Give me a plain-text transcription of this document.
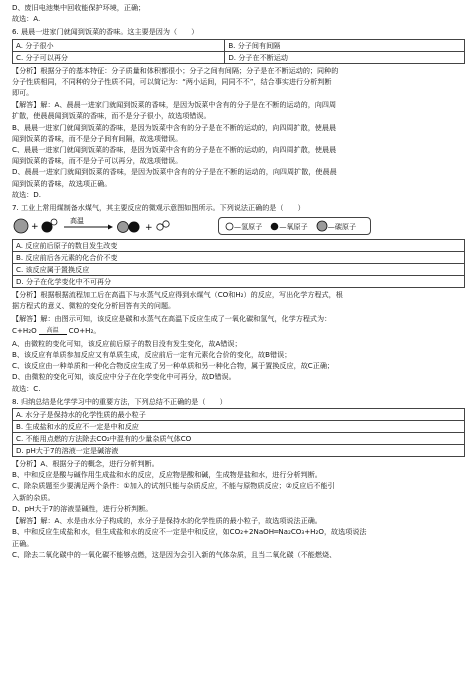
D、废旧电池集中回收能保护环境，正确；
故选：A.
6. 晨晨一进家门就闻到饭菜的香味。这主要是因为（　　）
A. 分子很小	B. 分子间有间隔
C. 分子可以再分	D. 分子在不断运动
【分析】根据分子的基本特征：分子质量和体积都很小；分子之间有间隔；分子是在不断运动的；同种的
分子性质相同，不同种的分子性质不同，可以简记为：“两小运间，同同不不”，结合事实进行分析判断
即可。
【解答】解：A、晨晨一进家门就闻到饭菜的香味，是因为饭菜中含有的分子是在不断的运动的，向四周
扩散，使晨晨闻到饭菜的香味，而不是分子很小，故选项错误。
B、晨晨一进家门就闻到饭菜的香味，是因为饭菜中含有的分子是在不断的运动的，向四周扩散，使晨晨
闻到饭菜的香味，而不是分子间有间隔，故选项错误。
C、晨晨一进家门就闻到饭菜的香味，是因为饭菜中含有的分子是在不断的运动的，向四周扩散，使晨晨
闻到饭菜的香味，而不是分子可以再分，故选项错误。
D、晨晨一进家门就闻到饭菜的香味，是因为饭菜中含有的分子是在不断的运动的，向四周扩散，使晨晨
闻到饭菜的香味，故选项正确。
故选：D.
7. 工业上常用煤制备水煤气，其主要反应的微观示意图如图所示。下列说法正确的是（　　）
+
高温
+	—氢原子 —氧原子	—碳原子
A. 反应前后原子的数目发生改变
B. 反应前后各元素的化合价不变
C. 该反应属于置换反应
D. 分子在化学变化中不可再分
【分析】根据根据流程加工后在高温下与水蒸气反应得到水煤气（CO和H₂）的反应，写出化学方程式，根
据方程式的意义、微粒的变化分析回答有关的问题。
【解答】解：由图示可知，该反应是碳和水蒸气在高温下反应生成了一氧化碳和氢气，化学方程式为：
C+H₂O 高温 CO+H₂。
A、由微粒的变化可知，该反应前后原子的数目没有发生变化，故A错误；
B、该反应有单质参加反应又有单质生成，反应前后一定有元素化合价的变化，故B错误；
C、该反应由一种单质和一种化合物反应生成了另一种单质和另一种化合物，属于置换反应，故C正确；
D、由微粒的变化可知，该反应中分子在化学变化中可再分，故D错误。
故选：C.
8. 归纳总结是化学学习中的重要方法，下列总结不正确的是（　　）
A. 水分子是保持水的化学性质的最小粒子
B. 生成盐和水的反应不一定是中和反应
C. 不能用点燃的方法除去CO₂中混有的少量杂质气体CO
D. pH大于7的溶液一定是碱溶液
【分析】A、根据分子的概念，进行分析判断。
B、中和反应是酸与碱作用生成盐和水的反应，反应物是酸和碱，生成物是盐和水，进行分析判断。
C、除杂质题至少要满足两个条件：①加入的试剂只能与杂质反应，不能与原物质反应；②反应后不能引
入新的杂质。
D、pH大于7的溶液显碱性，进行分析判断。
【解答】解：A、水是由水分子构成的，水分子是保持水的化学性质的最小粒子，故选项说法正确。
B、中和反应生成盐和水，但生成盐和水的反应不一定是中和反应，如CO₂+2NaOH═Na₂CO₃+H₂O，故选项说法
正确。
C、除去二氧化碳中的一氧化碳不能够点燃，这是因为会引入新的气体杂质，且当二氧化碳（不能燃烧、
